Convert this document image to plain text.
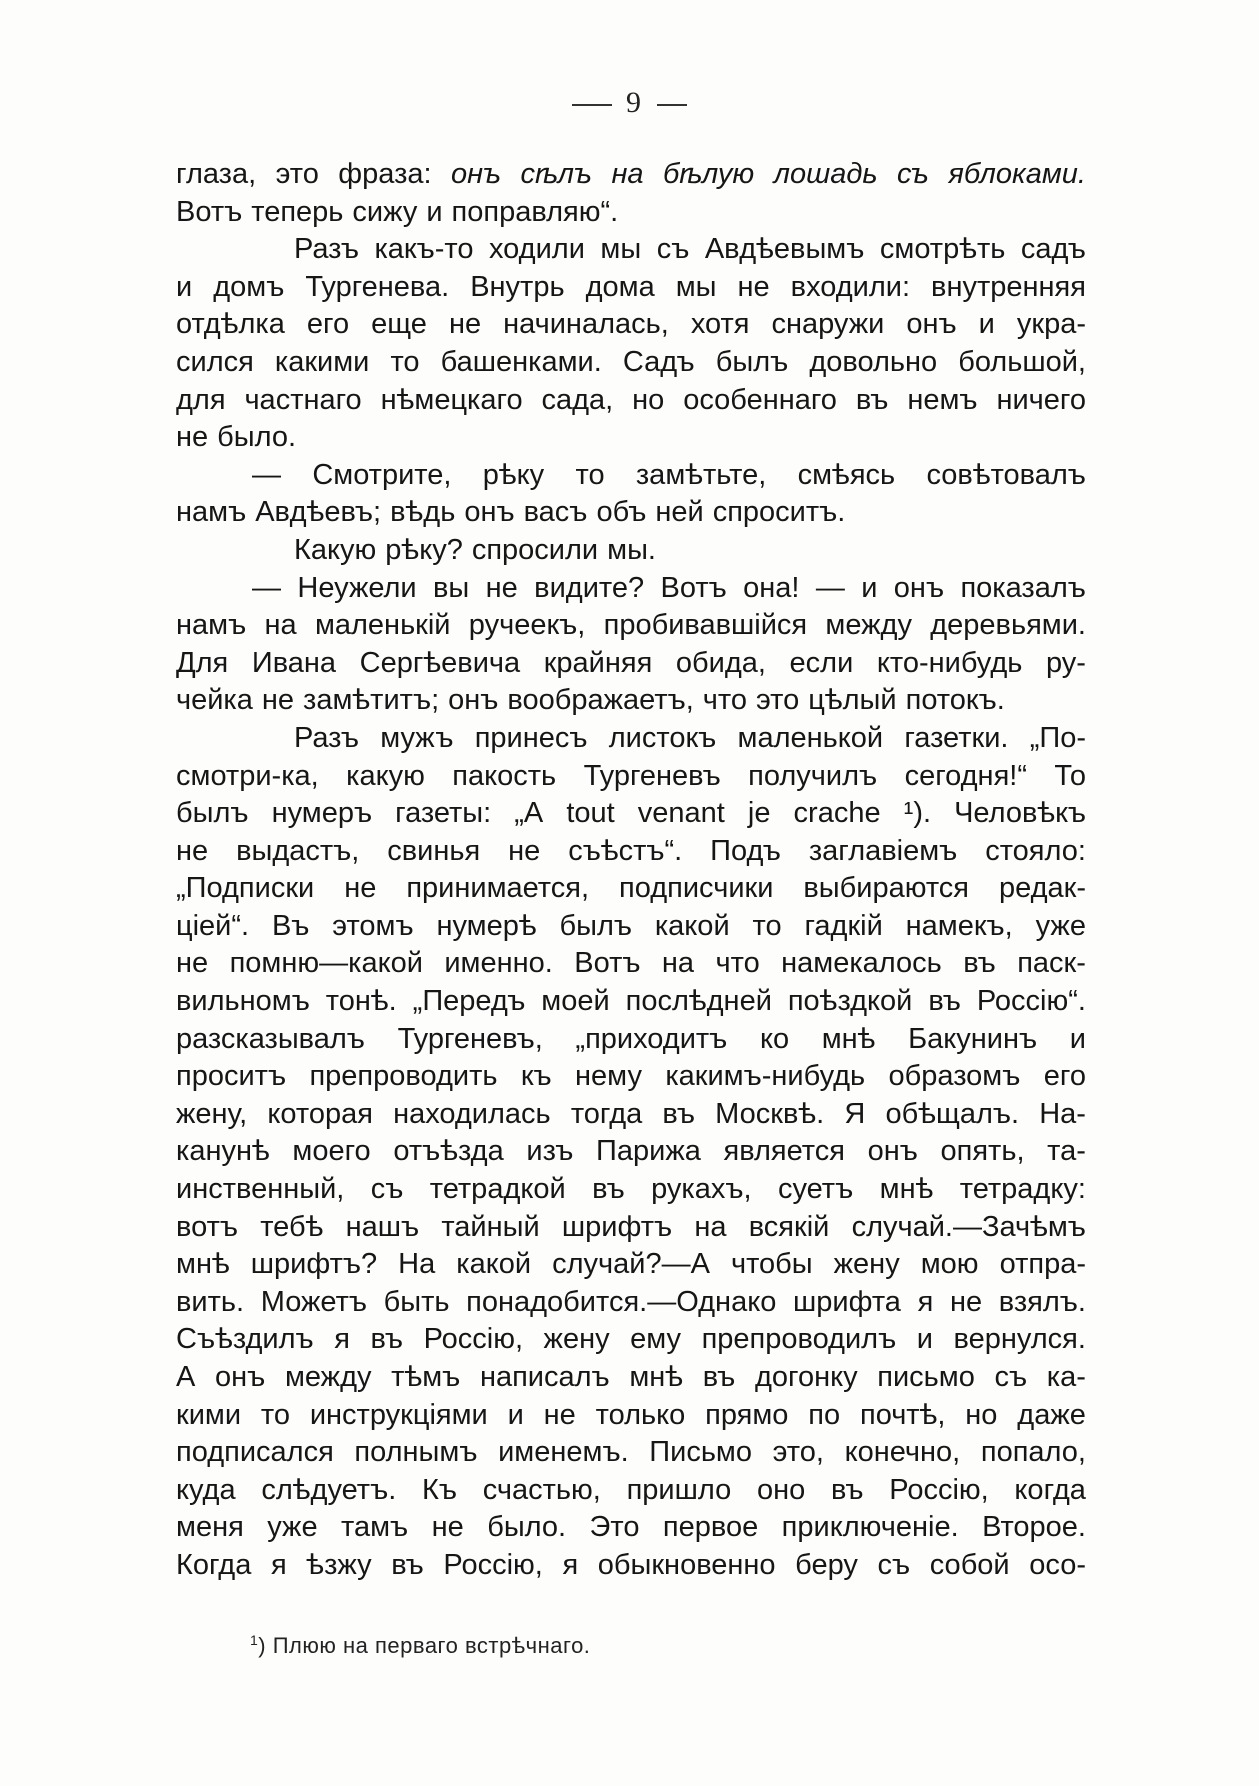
9
глаза, это фраза: онъ сѣлъ на бѣлую лошадь съ яблоками.
Вотъ теперь сижу и поправляю“.
Разъ какъ-то ходили мы съ Авдѣевымъ смотрѣть садъ
и домъ Тургенева. Внутрь дома мы не входили: внутренняя
отдѣлка его еще не начиналась, хотя снаружи онъ и укра-
сился какими то башенками. Садъ былъ довольно большой,
для частнаго нѣмецкаго сада, но особеннаго въ немъ ничего
не было.
— Смотрите, рѣку то замѣтьте, смѣясь совѣтовалъ
намъ Авдѣевъ; вѣдь онъ васъ объ ней спроситъ.
Какую рѣку? спросили мы.
— Неужели вы не видите? Вотъ она! — и онъ показалъ
намъ на маленькій ручеекъ, пробивавшійся между деревьями.
Для Ивана Сергѣевича крайняя обида, если кто-нибудь ру-
чейка не замѣтитъ; онъ воображаетъ, что это цѣлый потокъ.
Разъ мужъ принесъ листокъ маленькой газетки. „По-
смотри-ка, какую пакость Тургеневъ получилъ сегодня!“ То
былъ нумеръ газеты: „A tout venant je crache ¹). Человѣкъ
не выдастъ, свинья не съѣстъ“. Подъ заглавіемъ стояло:
„Подписки не принимается, подписчики выбираются редак-
ціей“. Въ этомъ нумерѣ былъ какой то гадкій намекъ, уже
не помню—какой именно. Вотъ на что намекалось въ паск-
вильномъ тонѣ. „Передъ моей послѣдней поѣздкой въ Россію“.
разсказывалъ Тургеневъ, „приходитъ ко мнѣ Бакунинъ и
проситъ препроводить къ нему какимъ-нибудь образомъ его
жену, которая находилась тогда въ Москвѣ. Я обѣщалъ. На-
канунѣ моего отъѣзда изъ Парижа является онъ опять, та-
инственный, съ тетрадкой въ рукахъ, суетъ мнѣ тетрадку:
вотъ тебѣ нашъ тайный шрифтъ на всякій случай.—Зачѣмъ
мнѣ шрифтъ? На какой случай?—А чтобы жену мою отпра-
вить. Можетъ быть понадобится.—Однако шрифта я не взялъ.
Съѣздилъ я въ Россію, жену ему препроводилъ и вернулся.
А онъ между тѣмъ написалъ мнѣ въ догонку письмо съ ка-
кими то инструкціями и не только прямо по почтѣ, но даже
подписался полнымъ именемъ. Письмо это, конечно, попало,
куда слѣдуетъ. Къ счастью, пришло оно въ Россію, когда
меня уже тамъ не было. Это первое приключеніе. Второе.
Когда я ѣзжу въ Россію, я обыкновенно беру съ собой осо-
$^1$) Плюю на перваго встрѣчнаго.
